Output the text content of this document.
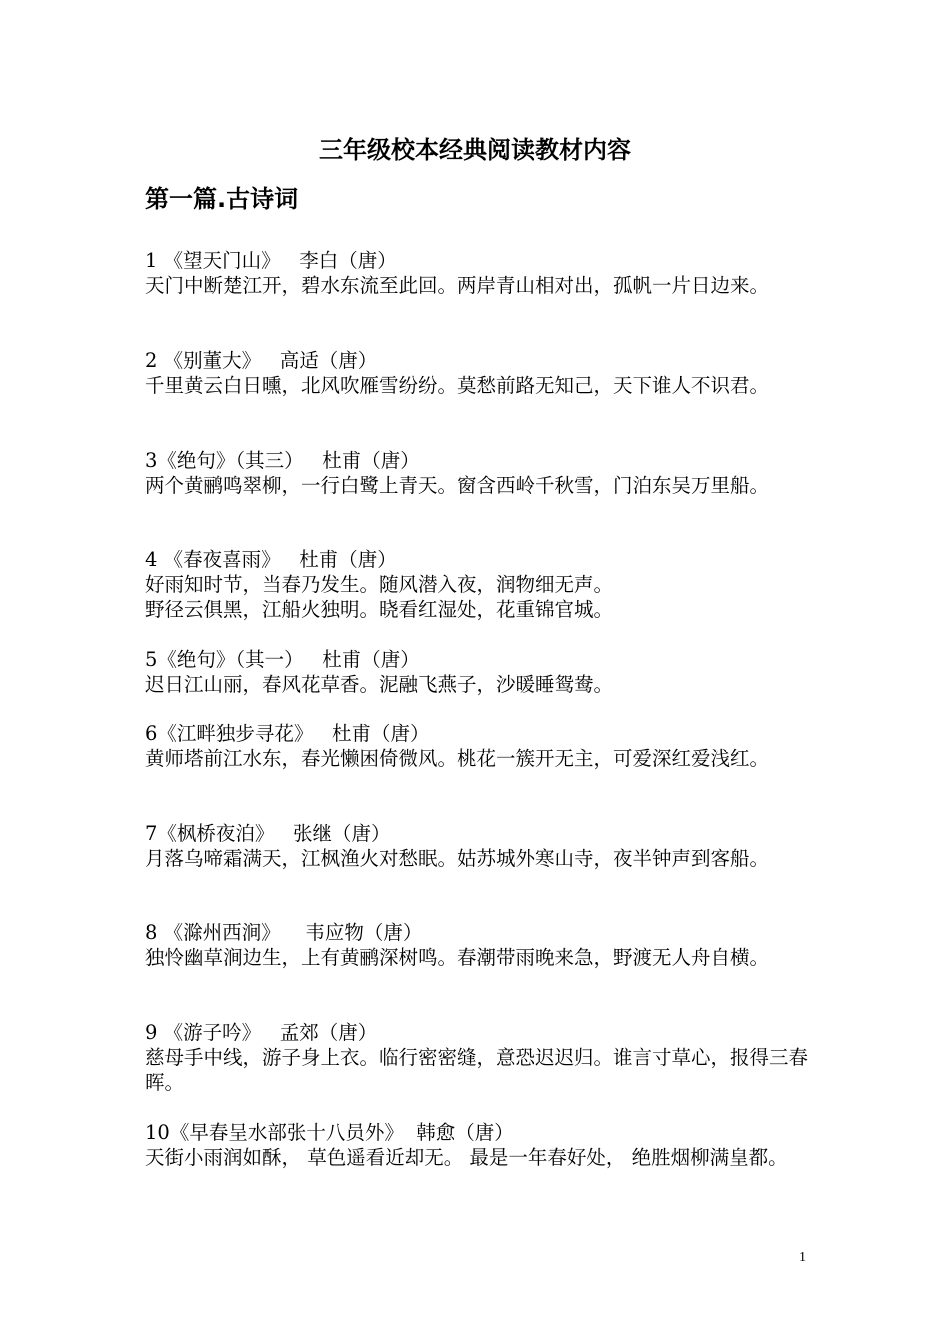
三年级校本经典阅读教材内容
第一篇.古诗词
1 《望天门山》   李白（唐）
天门中断楚江开，碧水东流至此回。两岸青山相对出，孤帆一片日边来。
2 《别董大》   高适（唐）
千里黄云白日曛，北风吹雁雪纷纷。莫愁前路无知己，天下谁人不识君。
3《绝句》（其三）   杜甫（唐）
两个黄鹂鸣翠柳，一行白鹭上青天。窗含西岭千秋雪，门泊东吴万里船。
4 《春夜喜雨》   杜甫（唐）
好雨知时节，当春乃发生。随风潜入夜，润物细无声。
野径云俱黑，江船火独明。晓看红湿处，花重锦官城。
5《绝句》（其一）   杜甫（唐）
迟日江山丽，春风花草香。泥融飞燕子，沙暖睡鸳鸯。
6《江畔独步寻花》   杜甫（唐）
黄师塔前江水东，春光懒困倚微风。桃花一簇开无主，可爱深红爱浅红。
7《枫桥夜泊》   张继（唐）
月落乌啼霜满天，江枫渔火对愁眠。姑苏城外寒山寺，夜半钟声到客船。
8 《滁州西涧》    韦应物（唐）
独怜幽草涧边生，上有黄鹂深树鸣。春潮带雨晚来急，野渡无人舟自横。
9 《游子吟》   孟郊（唐）
慈母手中线，游子身上衣。临行密密缝，意恐迟迟归。谁言寸草心，报得三春晖。
10《早春呈水部张十八员外》  韩愈（唐）
天街小雨润如酥， 草色遥看近却无。 最是一年春好处， 绝胜烟柳满皇都。
1
